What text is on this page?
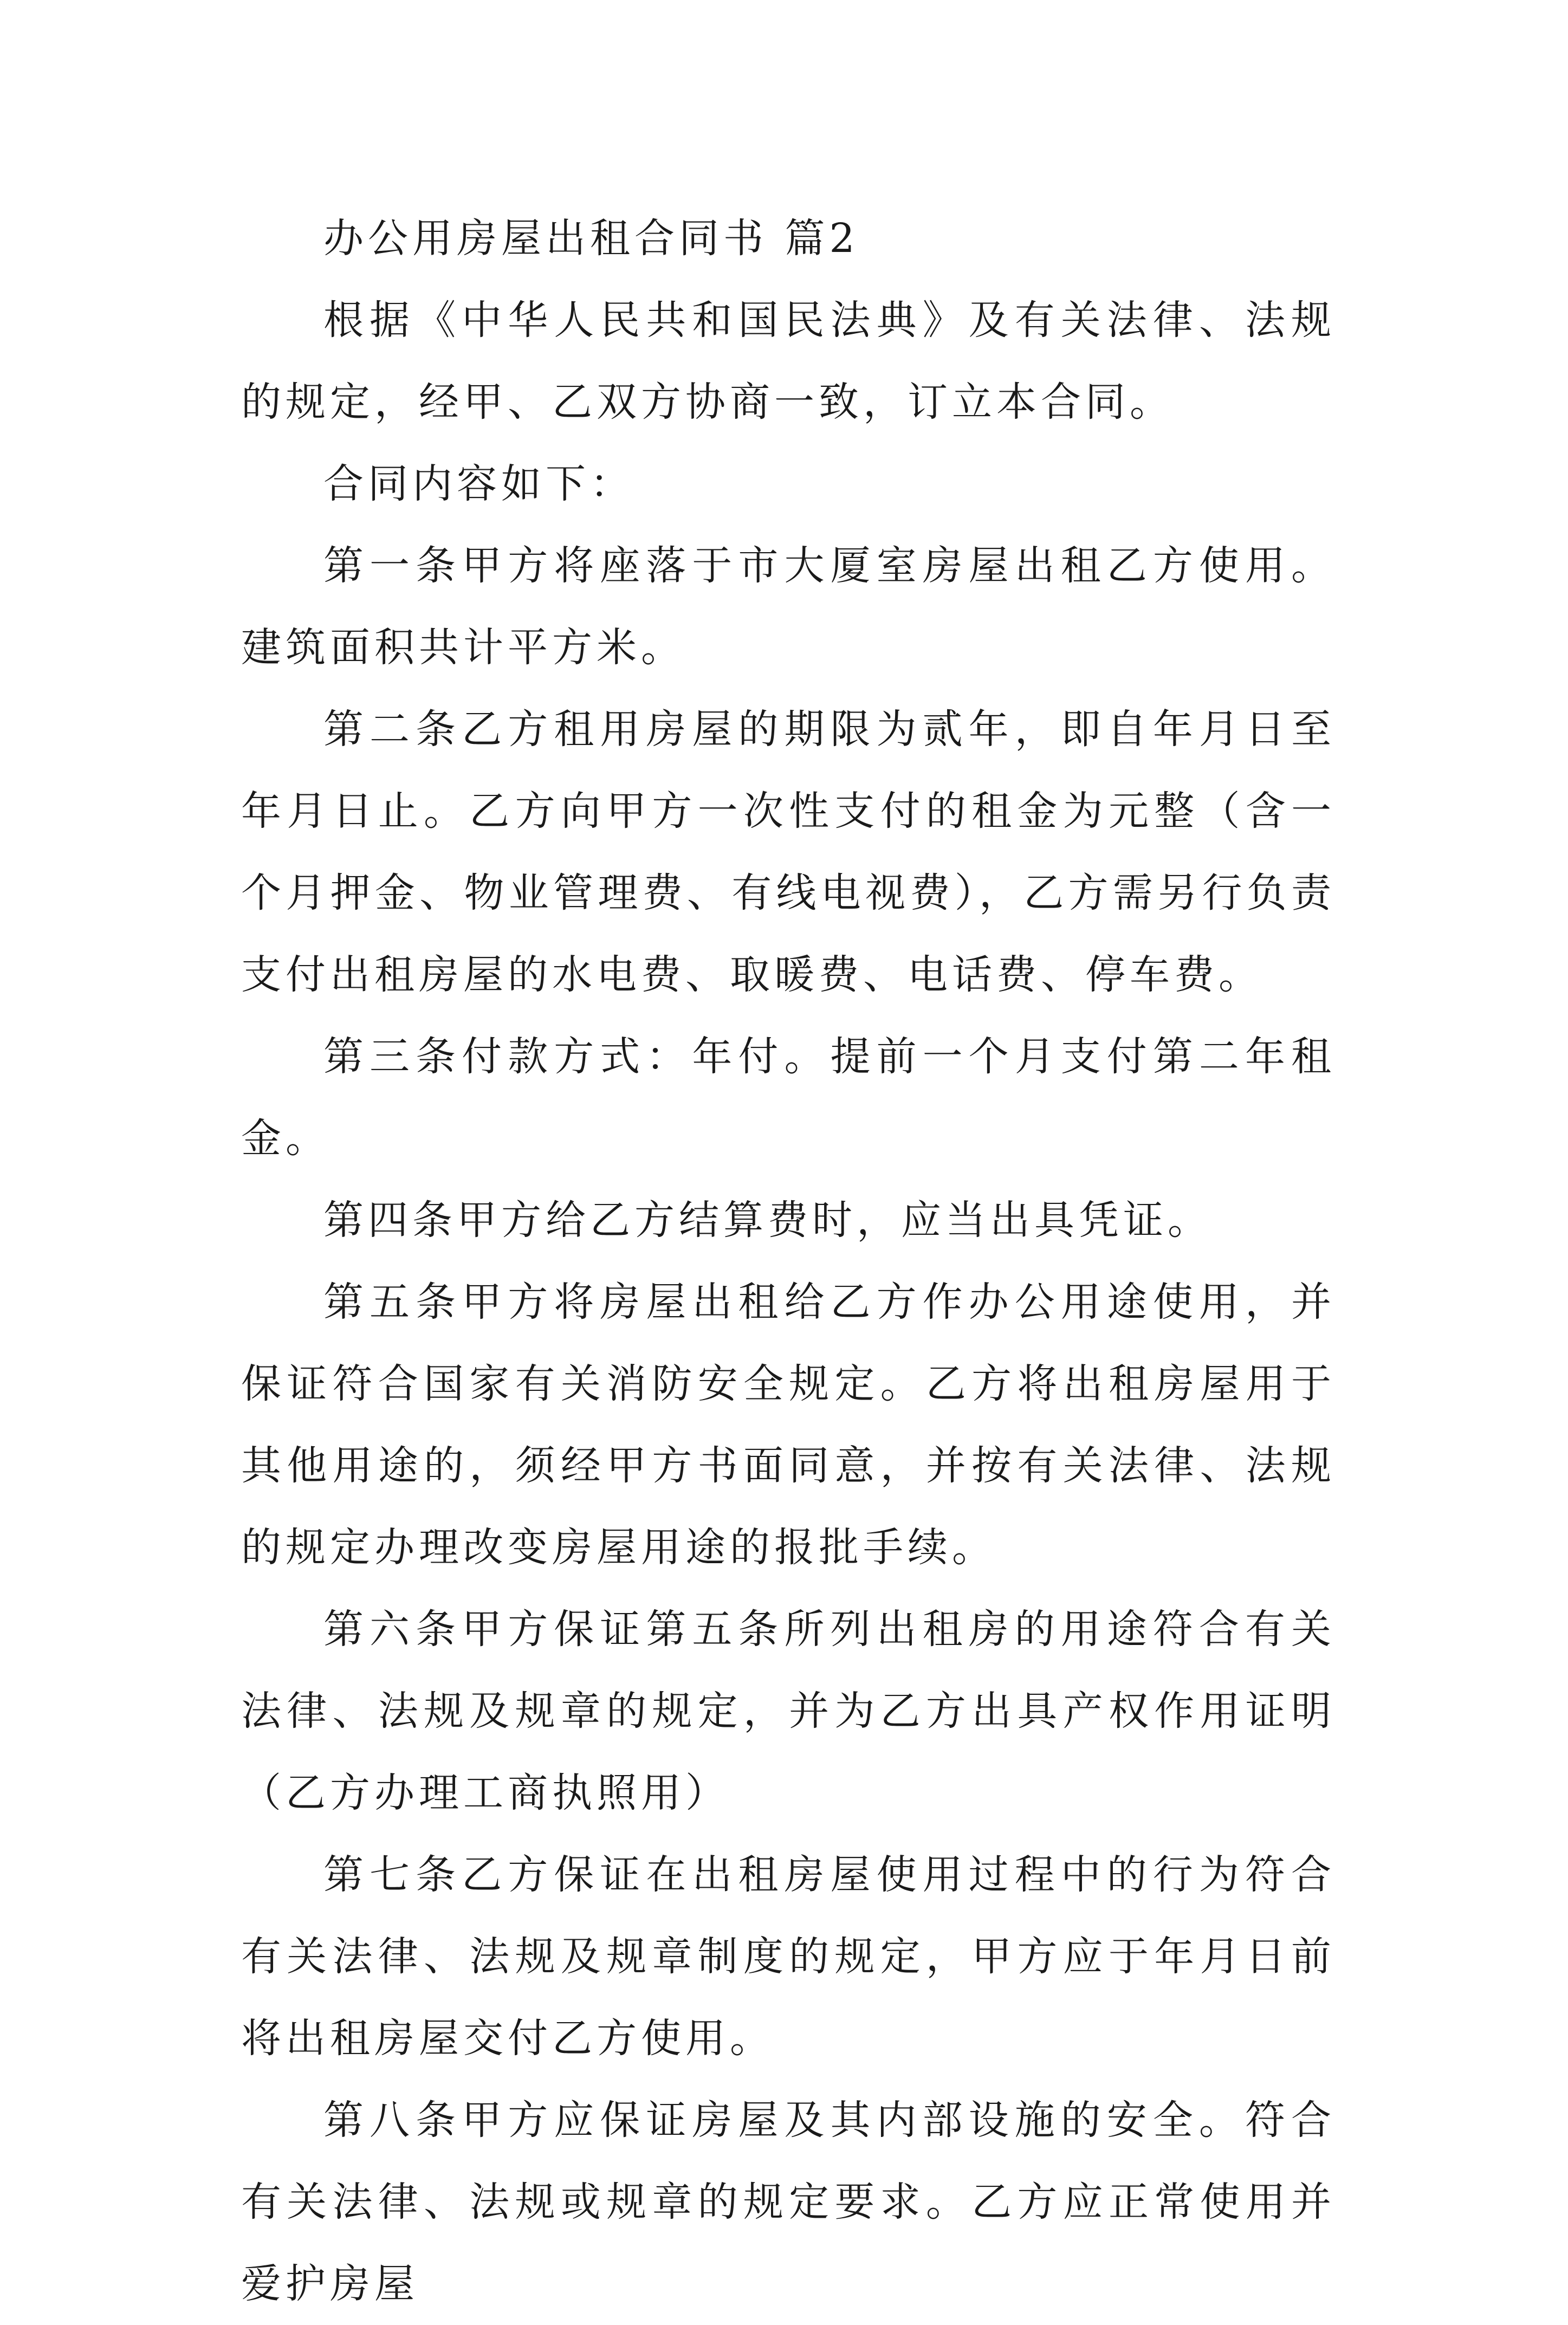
办公用房屋出租合同书 篇2

根据《中华人民共和国民法典》及有关法律、法规的规定，经甲、乙双方协商一致，订立本合同。

合同内容如下：

第一条甲方将座落于市大厦室房屋出租乙方使用。建筑面积共计平方米。

第二条乙方租用房屋的期限为贰年，即自年月日至年月日止。乙方向甲方一次性支付的租金为元整（含一个月押金、物业管理费、有线电视费），乙方需另行负责支付出租房屋的水电费、取暖费、电话费、停车费。

第三条付款方式：年付。提前一个月支付第二年租金。

第四条甲方给乙方结算费时，应当出具凭证。

第五条甲方将房屋出租给乙方作办公用途使用，并保证符合国家有关消防安全规定。乙方将出租房屋用于其他用途的，须经甲方书面同意，并按有关法律、法规的规定办理改变房屋用途的报批手续。

第六条甲方保证第五条所列出租房的用途符合有关法律、法规及规章的规定，并为乙方出具产权作用证明（乙方办理工商执照用）

第七条乙方保证在出租房屋使用过程中的行为符合有关法律、法规及规章制度的规定，甲方应于年月日前将出租房屋交付乙方使用。

第八条甲方应保证房屋及其内部设施的安全。符合有关法律、法规或规章的规定要求。乙方应正常使用并爱护房屋
